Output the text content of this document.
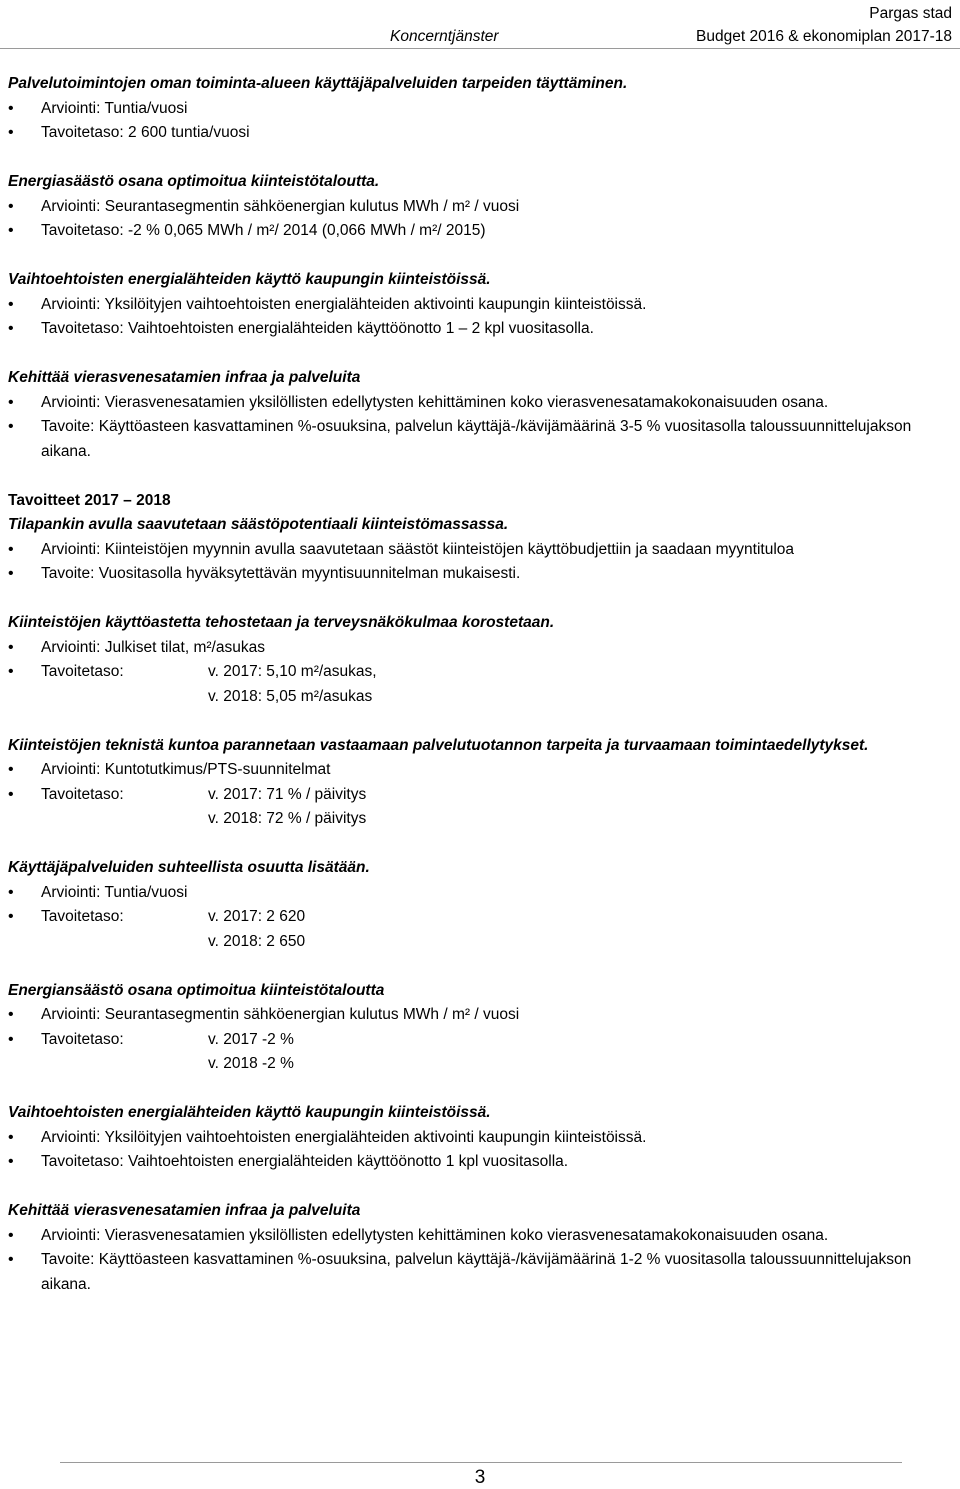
Pargas stad
Budget 2016 & ekonomiplan 2017-18
Koncerntjänster

Palvelutoimintojen oman toiminta-alueen käyttäjäpalveluiden tarpeiden täyttäminen.

• Arviointi: Tuntia/vuosi
• Tavoitetaso: 2 600 tuntia/vuosi

Energiasäästö osana optimoitua kiinteistötaloutta.

• Arviointi: Seurantasegmentin sähköenergian kulutus MWh / m² / vuosi
• Tavoitetaso: -2 % 0,065 MWh / m²/ 2014 (0,066 MWh / m²/ 2015)

Vaihtoehtoisten energialähteiden käyttö kaupungin kiinteistöissä.

• Arviointi: Yksilöityjen vaihtoehtoisten energialähteiden aktivointi kaupungin kiinteistöissä.
• Tavoitetaso: Vaihtoehtoisten energialähteiden käyttöönotto 1 – 2 kpl vuositasolla.

Kehittää vierasvenesatamien infraa ja palveluita

• Arviointi: Vierasvenesatamien yksilöllisten edellytysten kehittäminen koko vierasvenesatamakokonaisuuden osana.
• Tavoite: Käyttöasteen kasvattaminen %-osuuksina, palvelun käyttäjä-/kävijämäärinä 3-5 % vuositasolla taloussuunnittelujakson aikana.

Tavoitteet 2017 – 2018

Tilapankin avulla saavutetaan säästöpotentiaali kiinteistömassassa.

• Arviointi: Kiinteistöjen myynnin avulla saavutetaan säästöt kiinteistöjen käyttöbudjettiin ja saadaan myyntituloa
• Tavoite: Vuositasolla hyväksytettävän myyntisuunnitelman mukaisesti.

Kiinteistöjen käyttöastetta tehostetaan ja terveysnäkökulmaa korostetaan.

• Arviointi: Julkiset tilat, m²/asukas
• Tavoitetaso:	v. 2017: 5,10 m²/asukas,
v. 2018: 5,05 m²/asukas

Kiinteistöjen teknistä kuntoa parannetaan vastaamaan palvelutuotannon tarpeita ja turvaamaan toimintaedellytykset.

• Arviointi: Kuntotutkimus/PTS-suunnitelmat
• Tavoitetaso:	v. 2017: 71 % / päivitys
v. 2018: 72 % / päivitys

Käyttäjäpalveluiden suhteellista osuutta lisätään.

• Arviointi: Tuntia/vuosi
• Tavoitetaso:	v. 2017: 2 620
v. 2018: 2 650

Energiansäästö osana optimoitua kiinteistötaloutta

• Arviointi: Seurantasegmentin sähköenergian kulutus MWh / m² / vuosi
• Tavoitetaso:	v. 2017 -2 %
v. 2018 -2 %

Vaihtoehtoisten energialähteiden käyttö kaupungin kiinteistöissä.

• Arviointi: Yksilöityjen vaihtoehtoisten energialähteiden aktivointi kaupungin kiinteistöissä.
• Tavoitetaso: Vaihtoehtoisten energialähteiden käyttöönotto 1 kpl vuositasolla.

Kehittää vierasvenesatamien infraa ja palveluita

• Arviointi: Vierasvenesatamien yksilöllisten edellytysten kehittäminen koko vierasvenesatamakokonaisuuden osana.
• Tavoite: Käyttöasteen kasvattaminen %-osuuksina, palvelun käyttäjä-/kävijämäärinä 1-2 % vuositasolla taloussuunnittelujakson aikana.
3
